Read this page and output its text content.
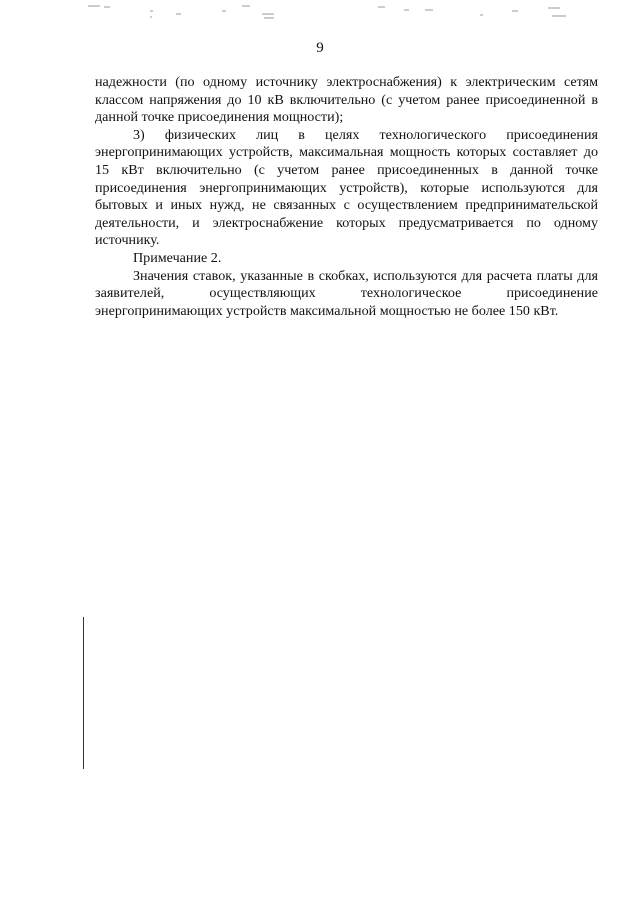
9

надежности (по одному источнику электроснабжения) к электрическим сетям классом напряжения до 10 кВ включительно (с учетом ранее присоединенной в данной точке присоединения мощности);

3) физических лиц в целях технологического присоединения энергопринимающих устройств, максимальная мощность которых составляет до 15 кВт включительно (с учетом ранее присоединенных в данной точке присоединения энергопринимающих устройств), которые используются для бытовых и иных нужд, не связанных с осуществлением предпринимательской деятельности, и электроснабжение которых предусматривается по одному источнику.

Примечание 2.

Значения ставок, указанные в скобках, используются для расчета платы для заявителей, осуществляющих технологическое присоединение энергопринимающих устройств максимальной мощностью не более 150 кВт.
